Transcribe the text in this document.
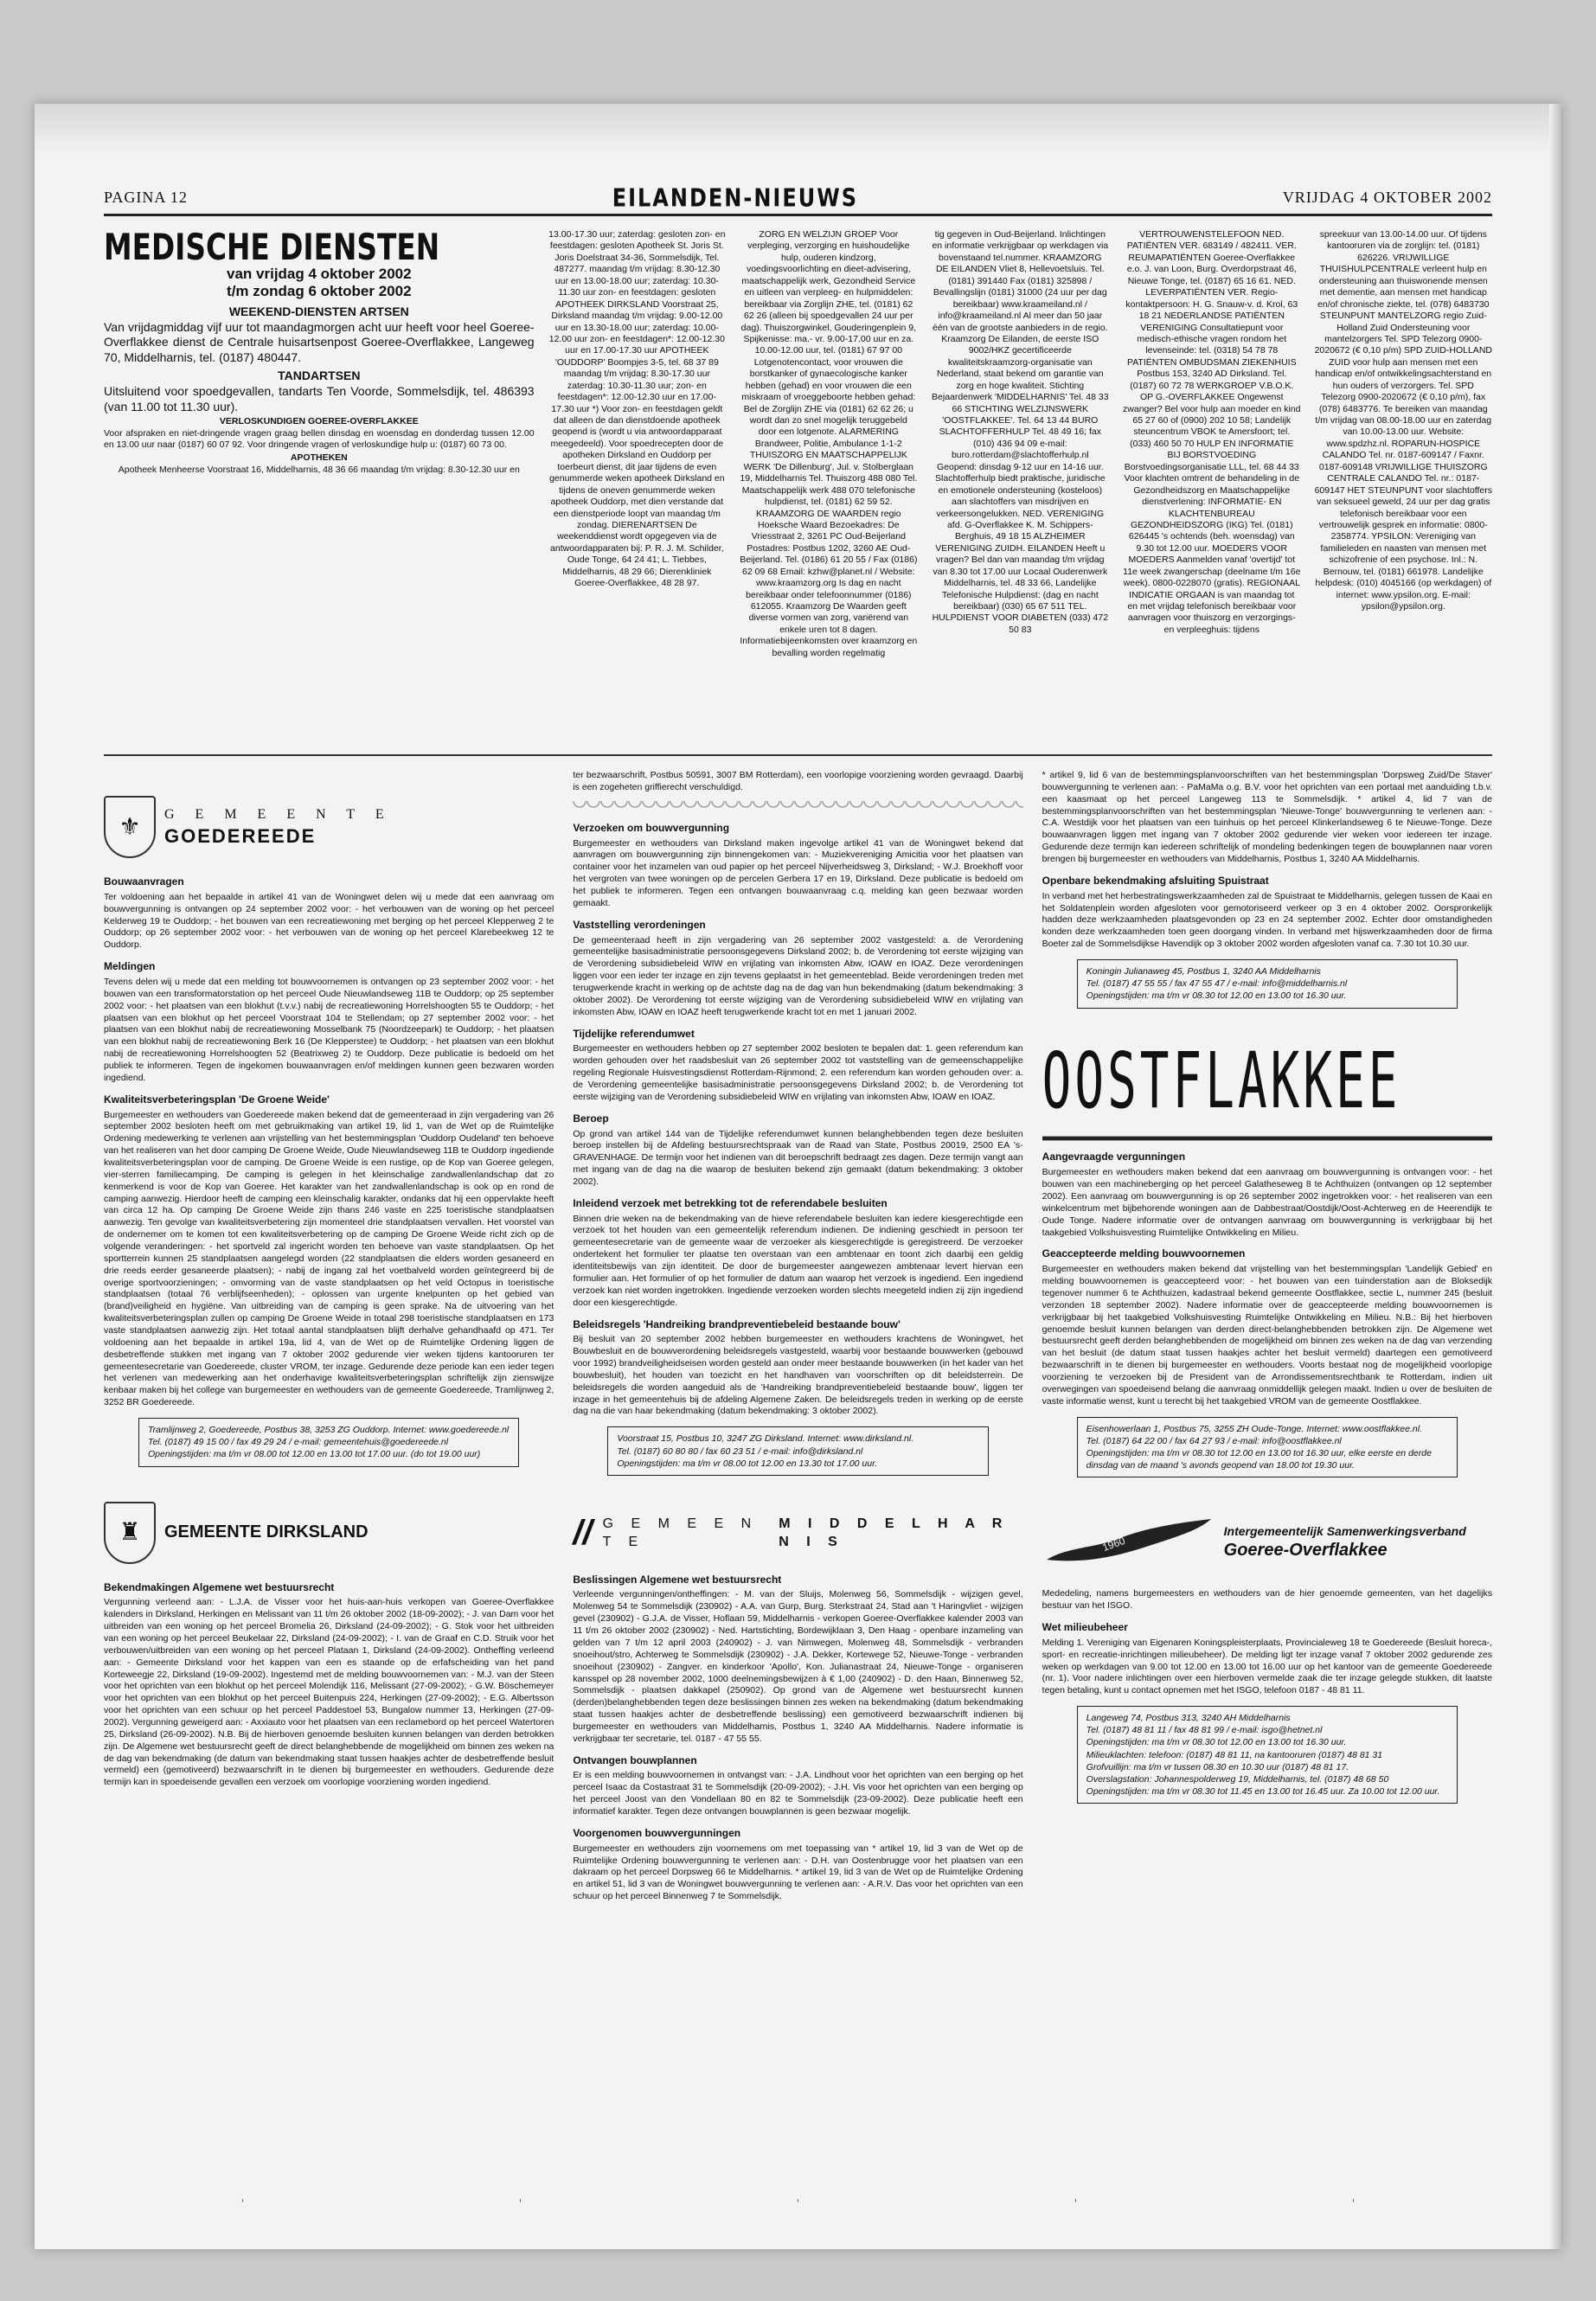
PAGINA 12	EILANDEN-NIEUWS	VRIJDAG 4 OKTOBER 2002
MEDISCHE DIENSTEN
van vrijdag 4 oktober 2002
t/m zondag 6 oktober 2002
WEEKEND-DIENSTEN ARTSEN

Van vrijdagmiddag vijf uur tot maandagmorgen acht uur heeft voor heel Goeree-Overflakkee dienst de Centrale huisartsenpost Goeree-Overflakkee, Langeweg 70, Middelharnis, tel. (0187) 480447.

TANDARTSEN

Uitsluitend voor spoedgevallen, tandarts Ten Voorde, Sommelsdijk, tel. 486393 (van 11.00 tot 11.30 uur).

VERLOSKUNDIGEN GOEREE-OVERFLAKKEE

Voor afspraken en niet-dringende vragen graag bellen dinsdag en woensdag en donderdag tussen 12.00 en 13.00 uur naar (0187) 60 07 92. Voor dringende vragen of verloskundige hulp u: (0187) 60 73 00.

APOTHEKEN

Apotheek Menheerse Voorstraat 16, Middelharnis, 48 36 66 maandag t/m vrijdag: 8.30-12.30 uur en

13.00-17.30 uur; zaterdag: gesloten zon- en feestdagen: gesloten Apotheek St. Joris St. Joris Doelstraat 34-36, Sommelsdijk, Tel. 487277. maandag t/m vrijdag: 8.30-12.30 uur en 13.00-18.00 uur; zaterdag: 10.30-11.30 uur zon- en feestdagen: gesloten APOTHEEK DIRKSLAND Voorstraat 25, Dirksland maandag t/m vrijdag: 9.00-12.00 uur en 13.30-18.00 uur; zaterdag: 10.00-12.00 uur zon- en feestdagen*: 12.00-12.30 uur en 17.00-17.30 uur APOTHEEK 'OUDDORP' Boompjes 3-5, tel. 68 37 89 maandag t/m vrijdag: 8.30-17.30 uur zaterdag: 10.30-11.30 uur; zon- en feestdagen*: 12.00-12.30 uur en 17.00-17.30 uur *) Voor zon- en feestdagen geldt dat alleen de dan dienstdoende apotheek geopend is (wordt u via antwoordapparaat meegedeeld). Voor spoedrecepten door de apotheken Dirksland en Ouddorp per toerbeurt dienst, dit jaar tijdens de even genummerde weken apotheek Dirksland en tijdens de oneven genummerde weken apotheek Ouddorp, met dien verstande dat een dienstperiode loopt van maandag t/m zondag. DIERENARTSEN De weekenddienst wordt opgegeven via de antwoordapparaten bij: P. R. J. M. Schilder, Oude Tonge, 64 24 41; L. Tiebbes, Middelharnis, 48 29 66; Dierenkliniek Goeree-Overflakkee, 48 28 97.

ZORG EN WELZIJN GROEP Voor verpleging, verzorging en huishoudelijke hulp, ouderen kindzorg, voedingsvoorlichting en dieet-advisering, maatschappelijk werk, Gezondheid Service en uitleen van verpleeg- en hulpmiddelen: bereikbaar via Zorglijn ZHE, tel. (0181) 62 62 26 (alleen bij spoedgevallen 24 uur per dag). Thuiszorgwinkel, Gouderingenplein 9, Spijkenisse: ma.- vr. 9.00-17.00 uur en za. 10.00-12.00 uur, tel. (0181) 67 97 00 Lotgenotencontact, voor vrouwen die borstkanker of gynaecologische kanker hebben (gehad) en voor vrouwen die een miskraam of vroeggeboorte hebben gehad: Bel de Zorglijn ZHE via (0181) 62 62 26; u wordt dan zo snel mogelijk teruggebeld door een lotgenote. ALARMERING Brandweer, Politie, Ambulance 1-1-2 THUISZORG EN MAATSCHAPPELIJK WERK 'De Dillenburg', Jul. v. Stolberglaan 19, Middelharnis Tel. Thuiszorg 488 080 Tel. Maatschappelijk werk 488 070 telefonische hulpdienst, tel. (0181) 62 59 52. KRAAMZORG DE WAARDEN regio Hoeksche Waard Bezoekadres: De Vriesstraat 2, 3261 PC Oud-Beijerland Postadres: Postbus 1202, 3260 AE Oud-Beijerland. Tel. (0186) 61 20 55 / Fax (0186) 62 09 68 Email: kzhw@planet.nl / Website: www.kraamzorg.org Is dag en nacht bereikbaar onder telefoonnummer (0186) 612055. Kraamzorg De Waarden geeft diverse vormen van zorg, variërend van enkele uren tot 8 dagen. Informatiebijeenkomsten over kraamzorg en bevalling worden regelmatig

tig gegeven in Oud-Beijerland. Inlichtingen en informatie verkrijgbaar op werkdagen via bovenstaand tel.nummer. KRAAMZORG DE EILANDEN Vliet 8, Hellevoetsluis. Tel. (0181) 391440 Fax (0181) 325898 / Bevallingslijn (0181) 31000 (24 uur per dag bereikbaar) www.kraameiland.nl / info@kraameiland.nl Al meer dan 50 jaar één van de grootste aanbieders in de regio. Kraamzorg De Eilanden, de eerste ISO 9002/HKZ gecertificeerde kwaliteitskraamzorg-organisatie van Nederland, staat bekend om garantie van zorg en hoge kwaliteit. Stichting Bejaardenwerk 'MIDDELHARNIS' Tel. 48 33 66 STICHTING WELZIJNSWERK 'OOSTFLAKKEE'. Tel. 64 13 44 BURO SLACHTOFFERHULP Tel. 48 49 16; fax (010) 436 94 09 e-mail: buro.rotterdam@slachtofferhulp.nl Geopend: dinsdag 9-12 uur en 14-16 uur. Slachtofferhulp biedt praktische, juridische en emotionele ondersteuning (kosteloos) aan slachtoffers van misdrijven en verkeersongelukken. NED. VERENIGING afd. G-Overflakkee K. M. Schippers-Berghuis, 49 18 15 ALZHEIMER VERENIGING ZUIDH. EILANDEN Heeft u vragen? Bel dan van maandag t/m vrijdag van 8.30 tot 17.00 uur Locaal Ouderenwerk Middelharnis, tel. 48 33 66, Landelijke Telefonische Hulpdienst: (dag en nacht bereikbaar) (030) 65 67 511 TEL. HULPDIENST VOOR DIABETEN (033) 472 50 83

VERTROUWENSTELEFOON NED. PATIËNTEN VER. 683149 / 482411. VER. REUMAPATIËNTEN Goeree-Overflakkee e.o. J. van Loon, Burg. Overdorpstraat 46, Nieuwe Tonge, tel. (0187) 65 16 61. NED. LEVERPATIËNTEN VER. Regio-kontaktpersoon: H. G. Snauw-v. d. Krol, 63 18 21 NEDERLANDSE PATIËNTEN VERENIGING Consultatiepunt voor medisch-ethische vragen rondom het levenseinde: tel. (0318) 54 78 78 PATIËNTEN OMBUDSMAN ZIEKENHUIS Postbus 153, 3240 AD Dirksland. Tel. (0187) 60 72 78 WERKGROEP V.B.O.K. OP G.-OVERFLAKKEE Ongewenst zwanger? Bel voor hulp aan moeder en kind 65 27 60 of (0900) 202 10 58; Landelijk steuncentrum VBOK te Amersfoort; tel. (033) 460 50 70 HULP EN INFORMATIE BIJ BORSTVOEDING Borstvoedingsorganisatie LLL, tel. 68 44 33 Voor klachten omtrent de behandeling in de Gezondheidszorg en Maatschappelijke dienstverlening: INFORMATIE- EN KLACHTENBUREAU GEZONDHEIDSZORG (IKG) Tel. (0181) 626445 's ochtends (beh. woensdag) van 9.30 tot 12.00 uur. MOEDERS VOOR MOEDERS Aanmelden vanaf 'overtijd' tot 11e week zwangerschap (deelname t/m 16e week). 0800-0228070 (gratis). REGIONAAL INDICATIE ORGAAN is van maandag tot en met vrijdag telefonisch bereikbaar voor aanvragen voor thuiszorg en verzorgings- en verpleeghuis: tijdens

spreekuur van 13.00-14.00 uur. Of tijdens kantooruren via de zorglijn: tel. (0181) 626226. VRIJWILLIGE THUISHULPCENTRALE verleent hulp en ondersteuning aan thuiswonende mensen met dementie, aan mensen met handicap en/of chronische ziekte, tel. (078) 6483730 STEUNPUNT MANTELZORG regio Zuid-Holland Zuid Ondersteuning voor mantelzorgers Tel. SPD Telezorg 0900-2020672 (€ 0,10 p/m) SPD ZUID-HOLLAND ZUID voor hulp aan mensen met een handicap en/of ontwikkelingsachterstand en hun ouders of verzorgers. Tel. SPD Telezorg 0900-2020672 (€ 0,10 p/m), fax (078) 6483776. Te bereiken van maandag t/m vrijdag van 08.00-18.00 uur en zaterdag van 10.00-13.00 uur. Website: www.spdzhz.nl. ROPARUN-HOSPICE CALANDO Tel. nr. 0187-609147 / Faxnr. 0187-609148 VRIJWILLIGE THUISZORG CENTRALE CALANDO Tel. nr.: 0187-609147 HET STEUNPUNT voor slachtoffers van seksueel geweld, 24 uur per dag gratis telefonisch bereikbaar voor een vertrouwelijk gesprek en informatie: 0800-2358774. YPSILON: Vereniging van familieleden en naasten van mensen met schizofrenie of een psychose. Inl.: N. Bernouw, tel. (0181) 661978. Landelijke helpdesk: (010) 4045166 (op werkdagen) of internet: www.ypsilon.org. E-mail: ypsilon@ypsilon.org.

⚜	G E M E E N T E
GOEDEREEDE
Bouwaanvragen

Ter voldoening aan het bepaalde in artikel 41 van de Woningwet delen wij u mede dat een aanvraag om bouwvergunning is ontvangen op 24 september 2002 voor: - het verbouwen van de woning op het perceel Kelderweg 19 te Ouddorp; - het bouwen van een recreatiewoning met berging op het perceel Klepperweg 2 te Ouddorp; op 26 september 2002 voor: - het verbouwen van de woning op het perceel Klarebeekweg 12 te Ouddorp.

Meldingen

Tevens delen wij u mede dat een melding tot bouwvoornemen is ontvangen op 23 september 2002 voor: - het bouwen van een transformatorstation op het perceel Oude Nieuwlandseweg 11B te Ouddorp; op 25 september 2002 voor: - het plaatsen van een blokhut (t.v.v.) nabij de recreatiewoning Horrelshoogten 55 te Ouddorp; - het plaatsen van een blokhut op het perceel Voorstraat 104 te Stellendam; op 27 september 2002 voor: - het plaatsen van een blokhut nabij de recreatiewoning Mosselbank 75 (Noordzeepark) te Ouddorp; - het plaatsen van een blokhut nabij de recreatiewoning Berk 16 (De Klepperstee) te Ouddorp; - het plaatsen van een blokhut nabij de recreatiewoning Horrelshoogten 52 (Beatrixweg 2) te Ouddorp. Deze publicatie is bedoeld om het publiek te informeren. Tegen de ingekomen bouwaanvragen en/of meldingen kunnen geen bezwaren worden ingediend.

Kwaliteitsverbeteringsplan 'De Groene Weide'

Burgemeester en wethouders van Goedereede maken bekend dat de gemeenteraad in zijn vergadering van 26 september 2002 besloten heeft om met gebruikmaking van artikel 19, lid 1, van de Wet op de Ruimtelijke Ordening medewerking te verlenen aan vrijstelling van het bestemmingsplan 'Ouddorp Oudeland' ten behoeve van het realiseren van het door camping De Groene Weide, Oude Nieuwlandseweg 11B te Ouddorp ingediende kwaliteitsverbeteringsplan voor de camping. De Groene Weide is een rustige, op de Kop van Goeree gelegen, vier-sterren familiecamping. De camping is gelegen in het kleinschalige zandwallenlandschap dat zo kenmerkend is voor de Kop van Goeree. Het karakter van het zandwallenlandschap is ook op en rond de camping aanwezig. Hierdoor heeft de camping een kleinschalig karakter, ondanks dat hij een oppervlakte heeft van circa 12 ha. Op camping De Groene Weide zijn thans 246 vaste en 225 toeristische standplaatsen aanwezig. Ten gevolge van kwaliteitsverbetering zijn momenteel drie standplaatsen vervallen. Het voorstel van de ondernemer om te komen tot een kwaliteitsverbetering op de camping De Groene Weide richt zich op de volgende veranderingen: - het sportveld zal ingericht worden ten behoeve van vaste standplaatsen. Op het sportterrein kunnen 25 standplaatsen aangelegd worden (22 standplaatsen die elders worden gesaneerd en drie reeds eerder gesaneerde plaatsen); - nabij de ingang zal het voetbalveld worden geïntegreerd bij de overige sportvoorzieningen; - omvorming van de vaste standplaatsen op het veld Octopus in toeristische standplaatsen (totaal 76 verblijfseenheden); - oplossen van urgente knelpunten op het gebied van (brand)veiligheid en hygiëne. Van uitbreiding van de camping is geen sprake. Na de uitvoering van het kwaliteitsverbeteringsplan zullen op camping De Groene Weide in totaal 298 toeristische standplaatsen en 173 vaste standplaatsen aanwezig zijn. Het totaal aantal standplaatsen blijft derhalve gehandhaafd op 471. Ter voldoening aan het bepaalde in artikel 19a, lid 4, van de Wet op de Ruimtelijke Ordening liggen de desbetreffende stukken met ingang van 7 oktober 2002 gedurende vier weken tijdens kantooruren ter gemeentesecretarie van Goedereede, cluster VROM, ter inzage. Gedurende deze periode kan een ieder tegen het verlenen van medewerking aan het onderhavige kwaliteitsverbeteringsplan schriftelijk zijn zienswijze kenbaar maken bij het college van burgemeester en wethouders van de gemeente Goedereede, Tramlijnweg 2, 3252 BR Goedereede.

Tramlijnweg 2, Goedereede, Postbus 38, 3253 ZG Ouddorp. Internet: www.goedereede.nl
Tel. (0187) 49 15 00 / fax 49 29 24 / e-mail: gemeentehuis@goedereede.nl
Openingstijden: ma t/m vr 08.00 tot 12.00 en 13.00 tot 17.00 uur. (do tot 19.00 uur)
♜	GEMEENTE DIRKSLAND
Bekendmakingen Algemene wet bestuursrecht

Vergunning verleend aan: - L.J.A. de Visser voor het huis-aan-huis verkopen van Goeree-Overflakkee kalenders in Dirksland, Herkingen en Melissant van 11 t/m 26 oktober 2002 (18-09-2002); - J. van Dam voor het uitbreiden van een woning op het perceel Bromelia 26, Dirksland (24-09-2002); - G. Stok voor het uitbreiden van een woning op het perceel Beukelaar 22, Dirksland (24-09-2002); - I. van de Graaf en C.D. Struik voor het verbouwen/uitbreiden van een woning op het perceel Plataan 1, Dirksland (24-09-2002). Ontheffing verleend aan: - Gemeente Dirksland voor het kappen van een es staande op de erfafscheiding van het pand Korteweegje 22, Dirksland (19-09-2002). Ingestemd met de melding bouwvoornemen van: - M.J. van der Steen voor het oprichten van een blokhut op het perceel Molendijk 116, Melissant (27-09-2002); - G.W. Böschemeyer voor het oprichten van een blokhut op het perceel Buitenpuis 224, Herkingen (27-09-2002); - E.G. Albertsson voor het oprichten van een schuur op het perceel Paddestoel 53, Bungalow nummer 13, Herkingen (27-09-2002). Vergunning geweigerd aan: - Axxiauto voor het plaatsen van een reclamebord op het perceel Watertoren 25, Dirksland (26-09-2002). N.B. Bij de hierboven genoemde besluiten kunnen belangen van derden betrokken zijn. De Algemene wet bestuursrecht geeft de direct belanghebbende de mogelijkheid om binnen zes weken na de dag van bekendmaking (de datum van bekendmaking staat tussen haakjes achter de desbetreffende besluit vermeld) een (gemotiveerd) bezwaarschrift in te dienen bij burgemeester en wethouders. Gedurende deze termijn kan in spoedeisende gevallen een verzoek om voorlopige voorziening worden ingediend.

ter bezwaarschrift, Postbus 50591, 3007 BM Rotterdam), een voorlopige voorziening worden gevraagd. Daarbij is een zogeheten griffierecht verschuldigd.

Verzoeken om bouwvergunning

Burgemeester en wethouders van Dirksland maken ingevolge artikel 41 van de Woningwet bekend dat aanvragen om bouwvergunning zijn binnengekomen van: - Muziekvereniging Amicitia voor het plaatsen van container voor het inzamelen van oud papier op het perceel Nijverheidsweg 3, Dirksland; - W.J. Broekhoff voor het vergroten van twee woningen op de percelen Gerbera 17 en 19, Dirksland. Deze publicatie is bedoeld om het publiek te informeren. Tegen een ontvangen bouwaanvraag c.q. melding kan geen bezwaar worden gemaakt.

Vaststelling verordeningen

De gemeenteraad heeft in zijn vergadering van 26 september 2002 vastgesteld: a. de Verordening gemeentelijke basisadministratie persoonsgegevens Dirksland 2002; b. de Verordening tot eerste wijziging van de Verordening subsidiebeleid WIW en vrijlating van inkomsten Abw, IOAW en IOAZ. Deze verordeningen liggen voor een ieder ter inzage en zijn tevens geplaatst in het gemeenteblad. Beide verordeningen treden met terugwerkende kracht in werking op de achtste dag na de dag van hun bekendmaking (datum bekendmaking: 3 oktober 2002). De Verordening tot eerste wijziging van de Verordening subsidiebeleid WIW en vrijlating van inkomsten Abw, IOAW en IOAZ heeft terugwerkende kracht tot en met 1 januari 2002.

Tijdelijke referendumwet

Burgemeester en wethouders hebben op 27 september 2002 besloten te bepalen dat: 1. geen referendum kan worden gehouden over het raadsbesluit van 26 september 2002 tot vaststelling van de gemeenschappelijke regeling Regionale Huisvestingsdienst Rotterdam-Rijnmond; 2. een referendum kan worden gehouden over: a. de Verordening gemeentelijke basisadministratie persoonsgegevens Dirksland 2002; b. de Verordening tot eerste wijziging van de Verordening subsidiebeleid WIW en vrijlating van inkomsten Abw, IOAW en IOAZ.

Beroep

Op grond van artikel 144 van de Tijdelijke referendumwet kunnen belanghebbenden tegen deze besluiten beroep instellen bij de Afdeling bestuursrechtspraak van de Raad van State, Postbus 20019, 2500 EA 's-GRAVENHAGE. De termijn voor het indienen van dit beroepschrift bedraagt zes dagen. Deze termijn vangt aan met ingang van de dag na die waarop de besluiten bekend zijn gemaakt (datum bekendmaking: 3 oktober 2002).

Inleidend verzoek met betrekking tot de referendabele besluiten

Binnen drie weken na de bekendmaking van de hieve referendabele besluiten kan iedere kiesgerechtigde een verzoek tot het houden van een gemeentelijk referendum indienen. De indiening geschiedt in persoon ter gemeentesecretarie van de gemeente waar de verzoeker als kiesgerechtigde is geregistreerd. De verzoeker ondertekent het formulier ter plaatse ten overstaan van een ambtenaar en toont zich daarbij een geldig identiteitsbewijs van zijn identiteit. De door de burgemeester aangewezen ambtenaar levert hiervan een formulier aan. Het formulier of op het formulier de datum aan waarop het verzoek is ingediend. Een ingediend verzoek kan niet worden ingetrokken. Ingediende verzoeken worden slechts meegeteld indien zij zijn ingediend door een kiesgerechtigde.

Beleidsregels 'Handreiking brandpreventiebeleid bestaande bouw'

Bij besluit van 20 september 2002 hebben burgemeester en wethouders krachtens de Woningwet, het Bouwbesluit en de bouwverordening beleidsregels vastgesteld, waarbij voor bestaande bouwwerken (gebouwd voor 1992) brandveiligheidseisen worden gesteld aan onder meer bestaande bouwwerken (in het kader van het bouwbesluit), het houden van toezicht en het handhaven van voorschriften op dit beleidsterrein. De beleidsregels die worden aangeduid als de 'Handreiking brandpreventiebeleid bestaande bouw', liggen ter inzage in het gemeentehuis bij de afdeling Algemene Zaken. De beleidsregels treden in werking op de eerste dag na die van haar bekendmaking (datum bekendmaking: 3 oktober 2002).

Voorstraat 15, Postbus 10, 3247 ZG Dirksland. Internet: www.dirksland.nl.
Tel. (0187) 60 80 80 / fax 60 23 51 / e-mail: info@dirksland.nl
Openingstijden: ma t/m vr 08.00 tot 12.00 en 13.30 tot 17.00 uur.
// G E M E E N T E
M I D D E L H A R N I S
Beslissingen Algemene wet bestuursrecht

Verleende vergunningen/ontheffingen: - M. van der Sluijs, Molenweg 56, Sommelsdijk - wijzigen gevel, Molenweg 54 te Sommelsdijk (230902) - A.A. van Gurp, Burg. Sterkstraat 24, Stad aan 't Haringvliet - wijzigen gevel (230902) - G.J.A. de Visser, Hoflaan 59, Middelharnis - verkopen Goeree-Overflakkee kalender 2003 van 11 t/m 26 oktober 2002 (230902) - Ned. Hartstichting, Bordewijklaan 3, Den Haag - openbare inzameling van gelden van 7 t/m 12 april 2003 (240902) - J. van Nimwegen, Molenweg 48, Sommelsdijk - verbranden snoeihout/stro, Achterweg te Sommelsdijk (230902) - J.A. Dekker, Kortewege 52, Nieuwe-Tonge - verbranden snoeihout (230902) - Zangver. en kinderkoor 'Apollo', Kon. Julianastraat 24, Nieuwe-Tonge - organiseren kansspel op 28 november 2002, 1000 deelnemingsbewijzen à € 1,00 (240902) - D. den Haan, Binnenweg 52, Sommelsdijk - plaatsen dakkapel (250902). Op grond van de Algemene wet bestuursrecht kunnen (derden)belanghebbenden tegen deze beslissingen binnen zes weken na bekendmaking (datum bekendmaking staat tussen haakjes achter de desbetreffende beslissing) een gemotiveerd bezwaarschrift indienen bij burgemeester en wethouders van Middelharnis, Postbus 1, 3240 AA Middelharnis. Nadere informatie is verkrijgbaar ter secretarie, tel. 0187 - 47 55 55.

Ontvangen bouwplannen

Er is een melding bouwvoornemen in ontvangst van: - J.A. Lindhout voor het oprichten van een berging op het perceel Isaac da Costastraat 31 te Sommelsdijk (20-09-2002); - J.H. Vis voor het oprichten van een berging op het perceel Joost van den Vondellaan 80 en 82 te Sommelsdijk (23-09-2002). Deze publicatie heeft een informatief karakter. Tegen deze ontvangen bouwplannen is geen bezwaar mogelijk.

Voorgenomen bouwvergunningen

Burgemeester en wethouders zijn voornemens om met toepassing van * artikel 19, lid 3 van de Wet op de Ruimtelijke Ordening bouwvergunning te verlenen aan: - D.H. van Oostenbrugge voor het plaatsen van een dakraam op het perceel Dorpsweg 66 te Middelharnis. * artikel 19, lid 3 van de Wet op de Ruimtelijke Ordening en artikel 51, lid 3 van de Woningwet bouwvergunning te verlenen aan: - A.R.V. Das voor het oprichten van een schuur op het perceel Binnenweg 7 te Sommelsdijk.

* artikel 9, lid 6 van de bestemmingsplanvoorschriften van het bestemmingsplan 'Dorpsweg Zuid/De Staver' bouwvergunning te verlenen aan: - PaMaMa o.g. B.V. voor het oprichten van een portaal met aanduiding t.b.v. een kaasmaat op het perceel Langeweg 113 te Sommelsdijk. * artikel 4, lid 7 van de bestemmingsplanvoorschriften van het bestemmingsplan 'Nieuwe-Tonge' bouwvergunning te verlenen aan: - C.A. Westdijk voor het plaatsen van een tuinhuis op het perceel Klinkerlandseweg 6 te Nieuwe-Tonge. Deze bouwaanvragen liggen met ingang van 7 oktober 2002 gedurende vier weken voor iedereen ter inzage. Gedurende deze termijn kan iedereen schriftelijk of mondeling bedenkingen tegen de bouwplannen naar voren brengen bij burgemeester en wethouders van Middelharnis, Postbus 1, 3240 AA Middelharnis.

Openbare bekendmaking afsluiting Spuistraat

In verband met het herbestratingswerkzaamheden zal de Spuistraat te Middelharnis, gelegen tussen de Kaai en het Soldatenplein worden afgesloten voor gemotoriseerd verkeer op 3 en 4 oktober 2002. Oorspronkelijk hadden deze werkzaamheden plaatsgevonden op 23 en 24 september 2002. Echter door omstandigheden konden deze werkzaamheden toen geen doorgang vinden. In verband met hijswerkzaamheden door de firma Boeter zal de Sommelsdijkse Havendijk op 3 oktober 2002 worden afgesloten vanaf ca. 7.30 tot 10.30 uur.

Koningin Julianaweg 45, Postbus 1, 3240 AA Middelharnis
Tel. (0187) 47 55 55 / fax 47 55 47 / e-mail: info@middelharnis.nl
Openingstijden: ma t/m vr 08.30 tot 12.00 en 13.00 tot 16.30 uur.
OOSTFLAKKEE
Aangevraagde vergunningen

Burgemeester en wethouders maken bekend dat een aanvraag om bouwvergunning is ontvangen voor: - het bouwen van een machineberging op het perceel Galatheseweg 8 te Achthuizen (ontvangen op 12 september 2002). Een aanvraag om bouwvergunning is op 26 september 2002 ingetrokken voor: - het realiseren van een winkelcentrum met bijbehorende woningen aan de Dabbestraat/Oostdijk/Oost-Achterweg en de Heerendijk te Oude Tonge. Nadere informatie over de ontvangen aanvraag om bouwvergunning is verkrijgbaar bij het taakgebied Volkshuisvesting Ruimtelijke Ontwikkeling en Milieu.

Geaccepteerde melding bouwvoornemen

Burgemeester en wethouders maken bekend dat vrijstelling van het bestemmingsplan 'Landelijk Gebied' en melding bouwvoornemen is geaccepteerd voor: - het bouwen van een tuinderstation aan de Bloksedijk tegenover nummer 6 te Achthuizen, kadastraal bekend gemeente Oostflakkee, sectie L, nummer 245 (besluit verzonden 18 september 2002). Nadere informatie over de geaccepteerde melding bouwvoornemen is verkrijgbaar bij het taakgebied Volkshuisvesting Ruimtelijke Ontwikkeling en Milieu. N.B.: Bij het hierboven genoemde besluit kunnen belangen van derden direct-belanghebbenden betrokken zijn. De Algemene wet bestuursrecht geeft derden belanghebbenden de mogelijkheid om binnen zes weken na de dag van verzending van het besluit (de datum staat tussen haakjes achter het besluit vermeld) daartegen een gemotiveerd bezwaarschrift in te dienen bij burgemeester en wethouders. Voorts bestaat nog de mogelijkheid voorlopige voorziening te verzoeken bij de President van de Arrondissementsrechtbank te Rotterdam, indien uit overwegingen van spoedeisend belang die aanvraag onmiddellijk gelegen maakt. Indien u over de besluiten de vaste informatie wenst, kunt u terecht bij het taakgebied VROM van de gemeente Oostflakkee.

Eisenhowerlaan 1, Postbus 75, 3255 ZH Oude-Tonge. Internet: www.oostflakkee.nl.
Tel. (0187) 64 22 00 / fax 64 27 93 / e-mail: info@oostflakkee.nl
Openingstijden: ma t/m vr 08.30 tot 12.00 en 13.00 tot 16.30 uur, elke eerste en derde dinsdag van de maand 's avonds geopend van 18.00 tot 19.30 uur.
1960
Intergemeentelijk Samenwerkingsverband
Goeree-Overflakkee

Mededeling, namens burgemeesters en wethouders van de hier genoemde gemeenten, van het dagelijks bestuur van het ISGO.

Wet milieubeheer

Melding 1. Vereniging van Eigenaren Koningspleisterplaats, Provincialeweg 18 te Goedereede (Besluit horeca-, sport- en recreatie-inrichtingen milieubeheer). De melding ligt ter inzage vanaf 7 oktober 2002 gedurende zes weken op werkdagen van 9.00 tot 12.00 en 13.00 tot 16.00 uur op het kantoor van de gemeente Goedereede (nr. 1). Voor nadere inlichtingen over een hierboven vermelde zaak die ter inzage gelegde stukken, dit laatste tegen betaling, kunt u contact opnemen met het ISGO, telefoon 0187 - 48 81 11.

Langeweg 74, Postbus 313, 3240 AH Middelharnis
Tel. (0187) 48 81 11 / fax 48 81 99 / e-mail: isgo@hetnet.nl
Openingstijden: ma t/m vr 08.30 tot 12.00 en 13.00 tot 16.30 uur.
Milieuklachten: telefoon: (0187) 48 81 11, na kantooruren (0187) 48 81 31
Grofvuillijn: ma t/m vr tussen 08.30 en 10.30 uur (0187) 48 81 17.
Overslagstation: Johannespolderweg 19, Middelharnis, tel. (0187) 48 68 50
Openingstijden: ma t/m vr 08.30 tot 11.45 en 13.00 tot 16.45 uur. Za 10.00 tot 12.00 uur.
ˈ	ˈ	ˈ	ˈ	ˈ
